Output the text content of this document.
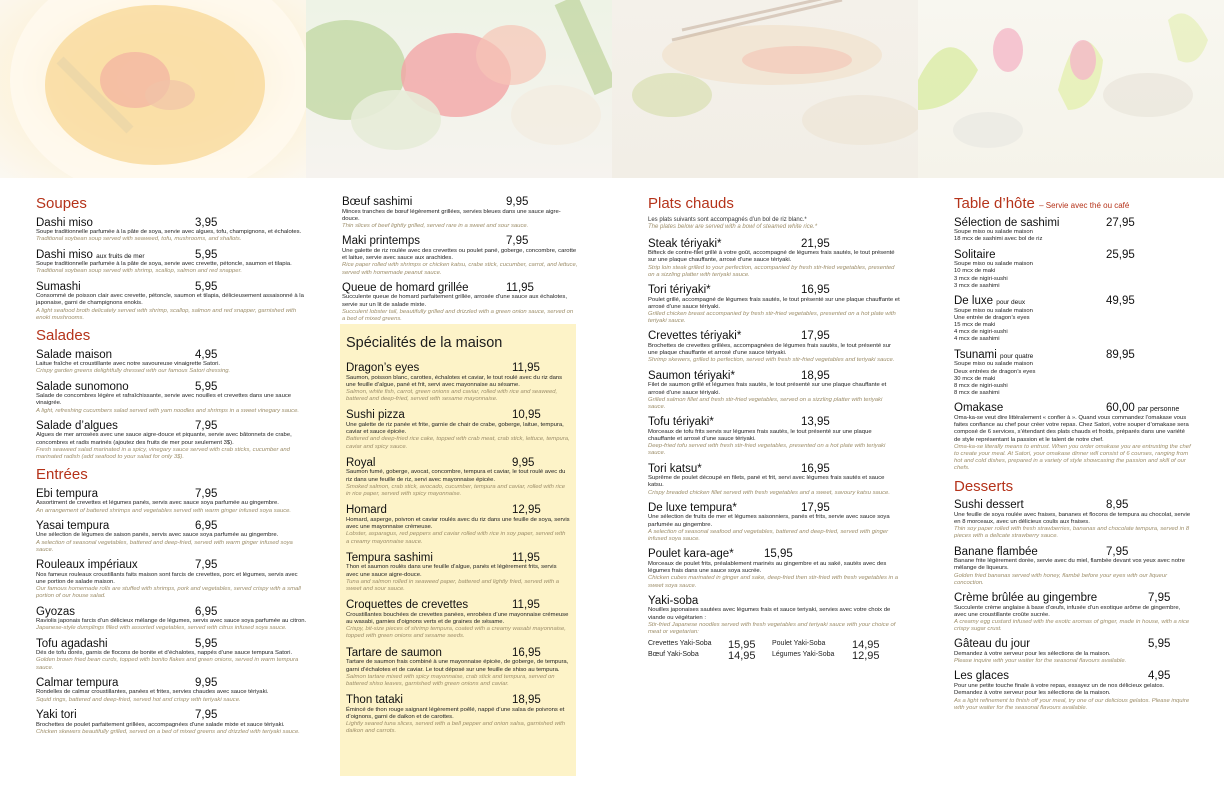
Soupes
Dashi miso	3,95
Soupe traditionnelle parfumée à la pâte de soya, servie avec algues, tofu, champignons, et échalotes.
Traditional soybean soup served with seaweed, tofu, mushrooms, and shallots.
Dashi miso aux fruits de mer	5,95
Soupe traditionnelle parfumée à la pâte de soya, servie avec crevette, pétoncle, saumon et tilapia.
Traditional soybean soup served with shrimp, scallop, salmon and red snapper.
Sumashi	5,95
Consommé de poisson clair avec crevette, pétoncle, saumon et tilapia, délicieusement assaisonné à la japonaise, garni de champignons enokis.
A light seafood broth delicately served with shrimp, scallop, salmon and red snapper, garnished with enoki mushrooms.
Salades
Salade maison	4,95
Laitue fraîche et croustillante avec notre savoureuse vinaigrette Satori.
Crispy garden greens delightfully dressed with our famous Satori dressing.
Salade sunomono	5,95
Salade de concombres légère et rafraîchissante, servie avec nouilles et crevettes dans une sauce vinaigrée.
A light, refreshing cucumbers salad served with yam noodles and shrimps in a sweet vinegary sauce.
Salade d’algues	7,95
Algues de mer arrosées avec une sauce aigre-douce et piquante, servie avec bâtonnets de crabe, concombres et radis marinés (ajoutez des fruits de mer pour seulement 3$).
Fresh seaweed salad marinated in a spicy, vinegary sauce served with crab sticks, cucumber and marinated radish (add seafood to your salad for only 3$).
Entrées
Ebi tempura	7,95
Assortiment de crevettes et légumes panés, servis avec sauce soya parfumée au gingembre.
An arrangement of battered shrimps and vegetables served with warm ginger infused soya sauce.
Yasai tempura	6,95
Une sélection de légumes de saison panés, servis avec sauce soya parfumée au gingembre.
A selection of seasonal vegetables, battered and deep-fried, served with warm ginger infused soya sauce.
Rouleaux impériaux	7,95
Nos fameux rouleaux croustillants faits maison sont farcis de crevettes, porc et légumes, servis avec une portion de salade maison.
Our famous homemade rolls are stuffed with shrimps, pork and vegetables, served crispy with a small portion of our house salad.
Gyozas	6,95
Raviolis japonais farcis d’un délicieux mélange de légumes, servis avec sauce soya parfumée au citron.
Japanese-style dumplings filled with assorted vegetables, served with citrus infused soya sauce.
Tofu agadashi	5,95
Dés de tofu dorés, garnis de flocons de bonite et d’échalotes, nappés d’une sauce tempura Satori.
Golden brown fried bean curds, topped with bonito flakes and green onions, served in warm tempura sauce.
Calmar tempura	9,95
Rondelles de calmar croustillantes, panées et frites, servies chaudes avec sauce tériyaki.
Squid rings, battered and deep-fried, served hot and crispy with teriyaki sauce.
Yaki tori	7,95
Brochettes de poulet parfaitement grillées, accompagnées d’une salade mixte et sauce tériyaki.
Chicken skewers beautifully grilled, served on a bed of mixed greens and drizzled with teriyaki sauce.
Bœuf sashimi	9,95
Minces tranches de bœuf légèrement grillées, servies bleues dans une sauce aigre-douce.
Thin slices of beef lightly grilled, served rare in a sweet and sour sauce.
Maki printemps	7,95
Une galette de riz roulée avec des crevettes ou poulet pané, goberge, concombre, carotte et laitue, servie avec sauce aux arachides.
Rice paper rolled with shrimps or chicken katsu, crabe stick, cucumber, carrot, and lettuce, served with homemade peanut sauce.
Queue de homard grillée	11,95
Succulente queue de homard parfaitement grillée, arrosée d’une sauce aux échalotes, servie sur un lit de salade mixte.
Succulent lobster tail, beautifully grilled and drizzled with a green onion sauce, served on a bed of mixed greens.
Spécialités de la maison
Dragon’s eyes	11,95
Saumon, poisson blanc, carottes, échalotes et caviar, le tout roulé avec du riz dans une feuille d’algue, pané et frit, servi avec mayonnaise au sésame.
Salmon, white fish, carrot, green onions and caviar, rolled with rice and seaweed, battered and deep-fried, served with sesame mayonnaise.
Sushi pizza	10,95
Une galette de riz panée et frite, garnie de chair de crabe, goberge, laitue, tempura, caviar et sauce épicée.
Battered and deep-fried rice cake, topped with crab meat, crab stick, lettuce, tempura, caviar and spicy sauce.
Royal	9,95
Saumon fumé, goberge, avocat, concombre, tempura et caviar, le tout roulé avec du riz dans une feuille de riz, servi avec mayonnaise épicée.
Smoked salmon, crab stick, avocado, cucumber, tempura and caviar, rolled with rice in rice paper, served with spicy mayonnaise.
Homard	12,95
Homard, asperge, poivron et caviar roulés avec du riz dans une feuille de soya, servis avec une mayonnaise crémeuse.
Lobster, asparagus, red peppers and caviar rolled with rice in soy paper, served with a creamy mayonnaise sauce.
Tempura sashimi	11,95
Thon et saumon roulés dans une feuille d’algue, panés et légèrement frits, servis avec une sauce aigre-douce.
Tuna and salmon rolled in seaweed paper, battered and lightly fried, served with a sweet and sour sauce.
Croquettes de crevettes	11,95
Croustillantes bouchées de crevettes panées, enrobées d’une mayonnaise crémeuse au wasabi, garnies d’oignons verts et de graines de sésame.
Crispy, bit-size pieces of shrimp tempura, coated with a creamy wasabi mayonnaise, topped with green onions and sesame seeds.
Tartare de saumon	16,95
Tartare de saumon frais combiné à une mayonnaise épicée, de goberge, de tempura, garni d’échalotes et de caviar. Le tout déposé sur une feuille de shiso au tempura.
Salmon tartare mixed with spicy mayonnaise, crab stick and tempura, served on battered shiso leaves, garnished with green onions and caviar.
Thon tataki	18,95
Émincé de thon rouge saignant légèrement poêlé, nappé d’une salsa de poivrons et d’oignons, garni de daikon et de carottes.
Lightly seared tuna slices, served with a bell pepper and onion salsa, garnished with daikon and carrots.
Plats chauds
Les plats suivants sont accompagnés d’un bol de riz blanc.*
The plates below are served with a bowl of steamed white rice.*
Steak tériyaki*	21,95
Bifteck de contre-filet grillé à votre goût, accompagné de légumes frais sautés, le tout présenté sur une plaque chauffante, arrosé d’une sauce tériyaki.
Strip loin steak grilled to your perfection, accompanied by fresh stir-fried vegetables, presented on a sizzling platter with teriyaki sauce.
Tori tériyaki*	16,95
Poulet grillé, accompagné de légumes frais sautés, le tout présenté sur une plaque chauffante et arrosé d’une sauce tériyaki.
Grilled chicken breast accompanied by fresh stir-fried vegetables, presented on a hot plate with teriyaki sauce.
Crevettes tériyaki*	17,95
Brochettes de crevettes grillées, accompagnées de légumes frais sautés, le tout présenté sur une plaque chauffante et arrosé d’une sauce tériyaki.
Shrimp skewers, grilled to perfection, served with fresh stir-fried vegetables and teriyaki sauce.
Saumon tériyaki*	18,95
Filet de saumon grillé et légumes frais sautés, le tout présenté sur une plaque chauffante et arrosé d’une sauce tériyaki.
Grilled salmon fillet and fresh stir-fried vegetables, served on a sizzling platter with teriyaki sauce.
Tofu tériyaki*	13,95
Morceaux de tofu frits servis sur légumes frais sautés, le tout présenté sur une plaque chauffante et arrosé d’une sauce tériyaki.
Deep-fried tofu served with fresh stir-fried vegetables, presented on a hot plate with teriyaki sauce.
Tori katsu*	16,95
Suprême de poulet découpé en filets, pané et frit, servi avec légumes frais sautés et sauce katsu.
Crispy breaded chicken fillet served with fresh vegetables and a sweet, savoury katsu sauce.
De luxe tempura*	17,95
Une sélection de fruits de mer et légumes saisonniers, panés et frits, servie avec sauce soya parfumée au gingembre.
A selection of seasonal seafood and vegetables, battered and deep-fried, served with ginger infused soya sauce.
Poulet kara-age*	15,95
Morceaux de poulet frits, préalablement marinés au gingembre et au saké, sautés avec des légumes frais dans une sauce soya sucrée.
Chicken cubes marinated in ginger and sake, deep-fried then stir-fried with fresh vegetables in a sweet soya sauce.
Yaki-soba
Nouilles japonaises sautées avec légumes frais et sauce teriyaki, servies avec votre choix de viande ou végétarien :
Stir-fried Japanese noodles served with fresh vegetables and teriyaki sauce with your choice of meat or vegetarian:
Crevettes Yaki-Soba	15,95	Poulet Yaki-Soba	14,95
Bœuf Yaki-Soba	14,95	Légumes Yaki-Soba	12,95
Table d’hôte – Servie avec thé ou café
Sélection de sashimi	27,95
Soupe miso ou salade maison
18 mcx de sashimi avec bol de riz
Solitaire	25,95
Soupe miso ou salade maison
10 mcx de maki
3 mcx de nigiri-sushi
3 mcx de sashimi
De luxe pour deux	49,95
Soupe miso ou salade maison
Une entrée de dragon’s eyes
15 mcx de maki
4 mcx de nigiri-sushi
4 mcx de sashimi
Tsunami pour quatre	89,95
Soupe miso ou salade maison
Deux entrées de dragon’s eyes
30 mcx de maki
8 mcx de nigiri-sushi
8 mcx de sashimi
Omakase	60,00 par personne
Oma-ka-se veut dire littéralement « confier à ». Quand vous commandez l’omakase vous faites confiance au chef pour créer votre repas. Chez Satori, votre souper d’omakase sera composé de 6 services, s’étendant des plats chauds et froids, préparés dans une variété de style représentant la passion et le talent de notre chef.
Oma-ka-se literally means to entrust. When you order omakase you are entrusting the chef to create your meal. At Satori, your omakase dinner will consist of 6 courses, ranging from hot and cold dishes, prepared in a variety of style showcasing the passion and skill of our chefs.
Desserts
Sushi dessert	8,95
Une feuille de soya roulée avec fraises, bananes et flocons de tempura au chocolat, servie en 8 morceaux, avec un délicieux coulis aux fraises.
Thin soy paper rolled with fresh strawberries, bananas and chocolate tempura, served in 8 pieces with a delicate strawberry sauce.
Banane flambée	7,95
Banane frite légèrement dorée, servie avec du miel, flambée devant vos yeux avec notre mélange de liqueurs.
Golden fried bananas served with honey, flambé before your eyes with our liqueur concoction.
Crème brûlée au gingembre	7,95
Succulente crème anglaise à base d’œufs, infusée d’un exotique arôme de gingembre, avec une croustillante croûte sucrée.
A creamy egg custard infused with the exotic aromas of ginger, made in house, with a nice crispy sugar crust.
Gâteau du jour	5,95
Demandez à votre serveur pour les sélections de la maison.
Please inquire with your waiter for the seasonal flavours available.
Les glaces	4,95
Pour une petite touche finale à votre repas, essayez un de nos délicieux gelatos. Demandez à votre serveur pour les sélections de la maison.
As a light refinement to finish off your meal, try one of our delicious gelatos. Please inquire with your waiter for the seasonal flavours available.
